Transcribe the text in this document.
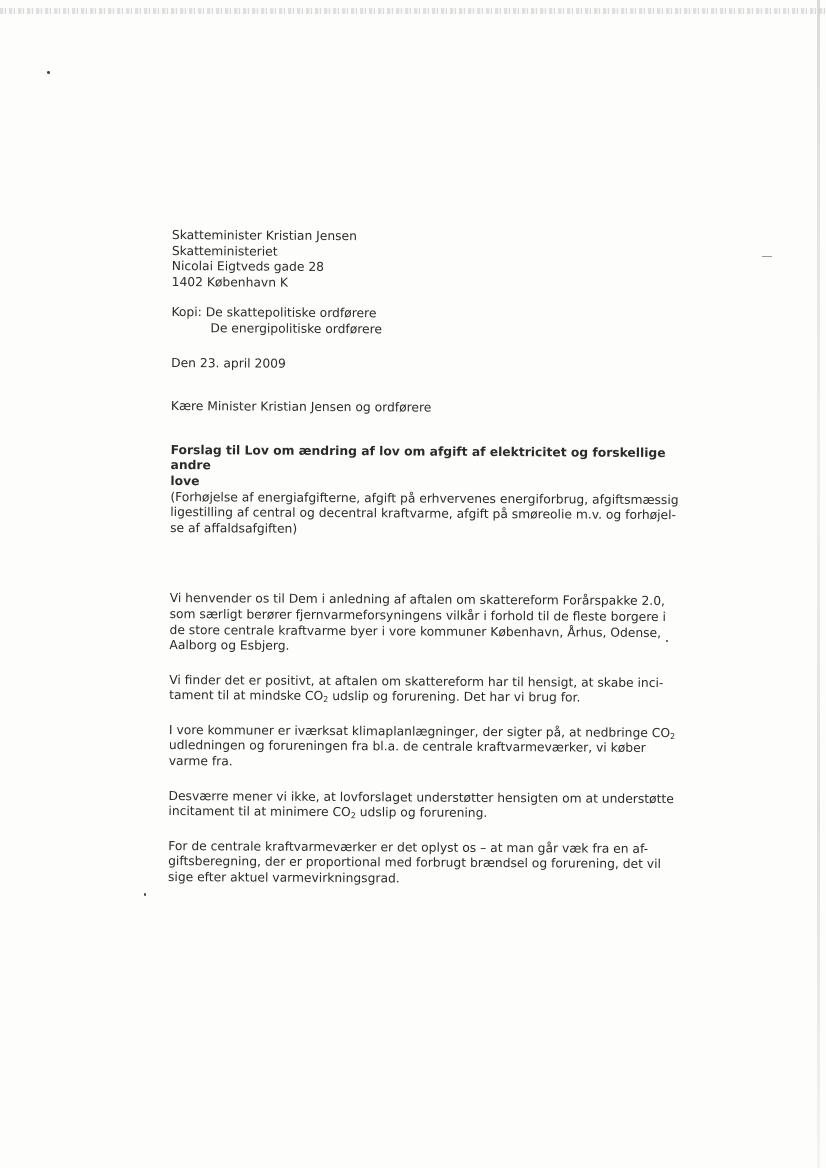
Skatteminister Kristian Jensen
Skatteministeriet
Nicolai Eigtveds gade 28
1402 København K
Kopi: De skattepolitiske ordførere
De energipolitiske ordførere
Den 23. april 2009
Kære Minister Kristian Jensen og ordførere
Forslag til Lov om ændring af lov om afgift af elektricitet og forskellige
andre
love
(Forhøjelse af energiafgifterne, afgift på erhvervenes energiforbrug, afgiftsmæssig
ligestilling af central og decentral kraftvarme, afgift på smøreolie m.v. og forhøjel-
se af affaldsafgiften)
Vi henvender os til Dem i anledning af aftalen om skattereform Forårspakke 2.0,
som særligt berører fjernvarmeforsyningens vilkår i forhold til de fleste borgere i
de store centrale kraftvarme byer i vore kommuner København, Århus, Odense,
Aalborg og Esbjerg.
Vi finder det er positivt, at aftalen om skattereform har til hensigt, at skabe inci-
tament til at mindske $CO_2$ udslip og forurening. Det har vi brug for.
I vore kommuner er iværksat klimaplanlægninger, der sigter på, at nedbringe $CO_2$
udledningen og forureningen fra bl.a. de centrale kraftvarmeværker, vi køber
varme fra.
Desværre mener vi ikke, at lovforslaget understøtter hensigten om at understøtte
incitament til at minimere $CO_2$ udslip og forurening.
For de centrale kraftvarmeværker er det oplyst os – at man går væk fra en af-
giftsberegning, der er proportional med forbrugt brændsel og forurening, det vil
sige efter aktuel varmevirkningsgrad.
